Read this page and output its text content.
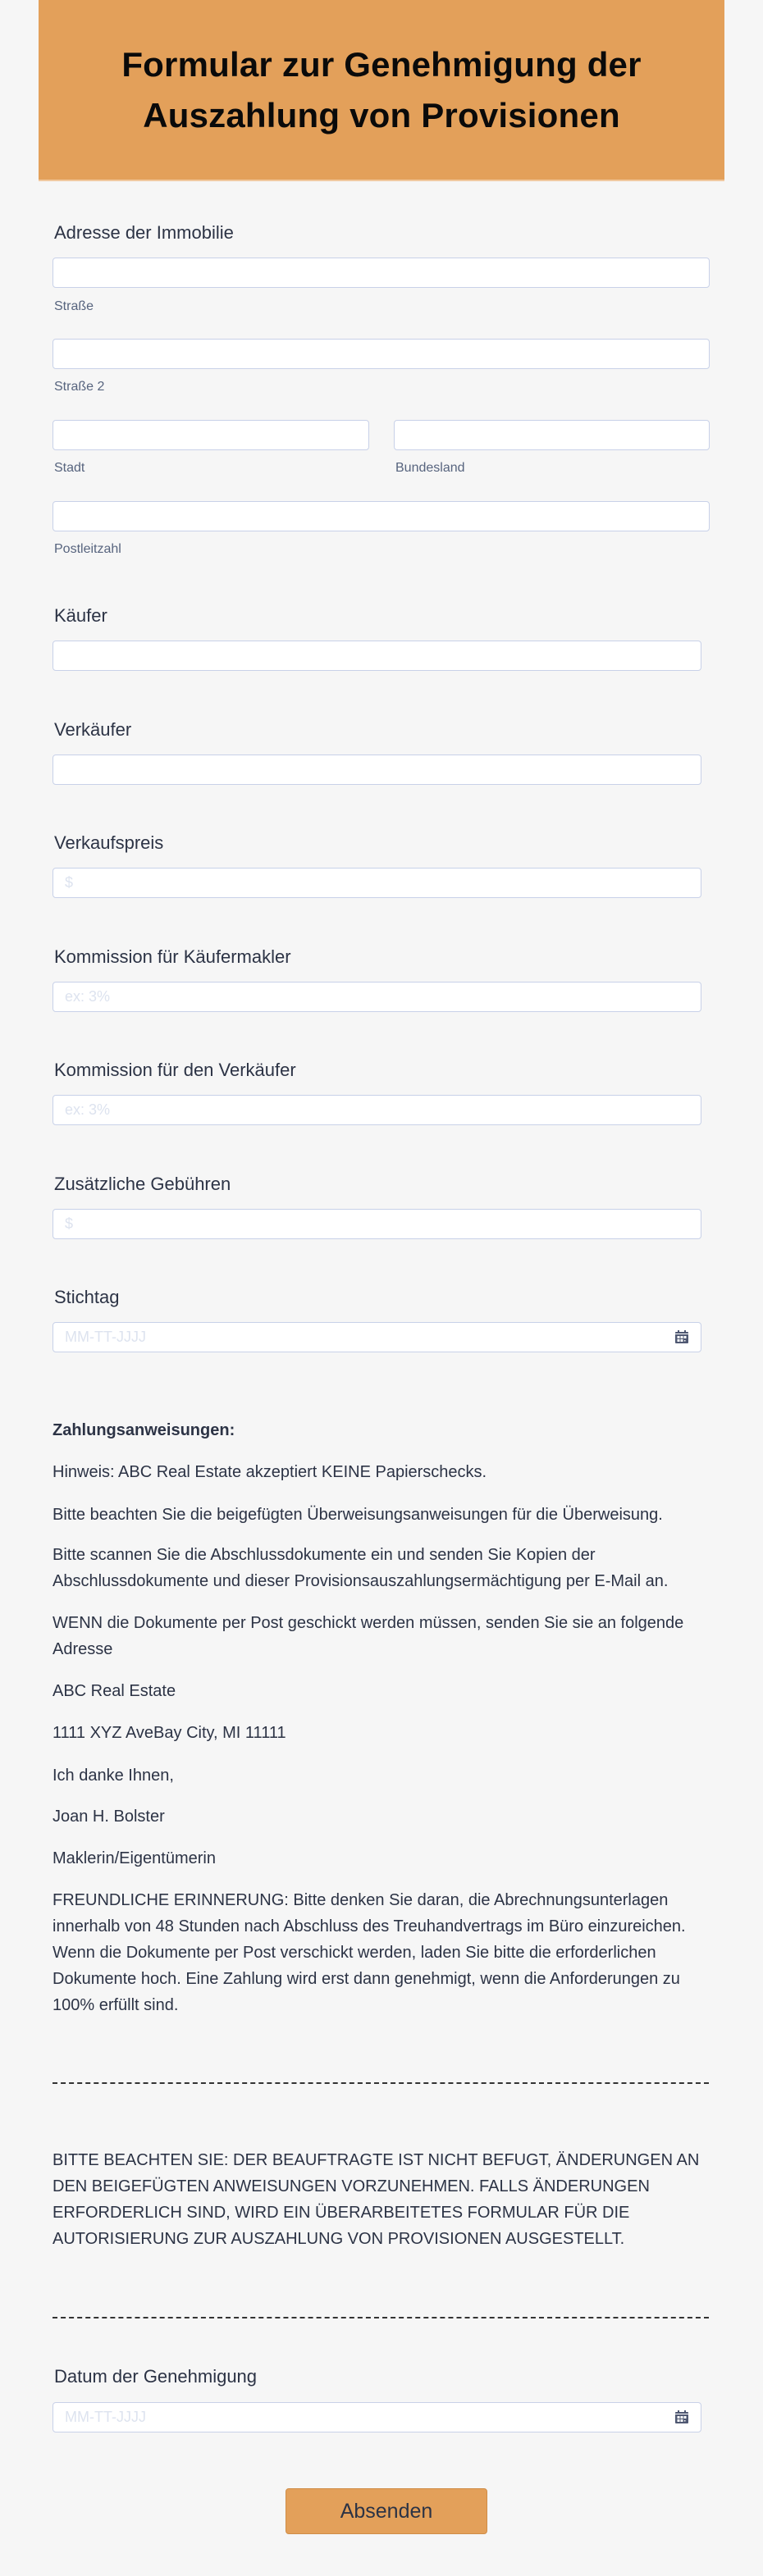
Formular zur Genehmigung der Auszahlung von Provisionen
Adresse der Immobilie
Straße
Straße 2
Stadt	Bundesland
Postleitzahl
Käufer
Verkäufer
Verkaufspreis
$
Kommission für Käufermakler
ex: 3%
Kommission für den Verkäufer
ex: 3%
Zusätzliche Gebühren
$
Stichtag
MM-TT-JJJJ
Zahlungsanweisungen:
Hinweis: ABC Real Estate akzeptiert KEINE Papierschecks.
Bitte beachten Sie die beigefügten Überweisungsanweisungen für die Überweisung.
Bitte scannen Sie die Abschlussdokumente ein und senden Sie Kopien der Abschlussdokumente und dieser Provisionsauszahlungsermächtigung per E-Mail an.
WENN die Dokumente per Post geschickt werden müssen, senden Sie sie an folgende Adresse
ABC Real Estate
1111 XYZ AveBay City, MI 11111
Ich danke Ihnen,
Joan H. Bolster
Maklerin/Eigentümerin
FREUNDLICHE ERINNERUNG: Bitte denken Sie daran, die Abrechnungsunterlagen innerhalb von 48 Stunden nach Abschluss des Treuhandvertrags im Büro einzureichen. Wenn die Dokumente per Post verschickt werden, laden Sie bitte die erforderlichen Dokumente hoch. Eine Zahlung wird erst dann genehmigt, wenn die Anforderungen zu 100% erfüllt sind.
BITTE BEACHTEN SIE: DER BEAUFTRAGTE IST NICHT BEFUGT, ÄNDERUNGEN AN DEN BEIGEFÜGTEN ANWEISUNGEN VORZUNEHMEN. FALLS ÄNDERUNGEN ERFORDERLICH SIND, WIRD EIN ÜBERARBEITETES FORMULAR FÜR DIE AUTORISIERUNG ZUR AUSZAHLUNG VON PROVISIONEN AUSGESTELLT.
Datum der Genehmigung
MM-TT-JJJJ
Absenden
